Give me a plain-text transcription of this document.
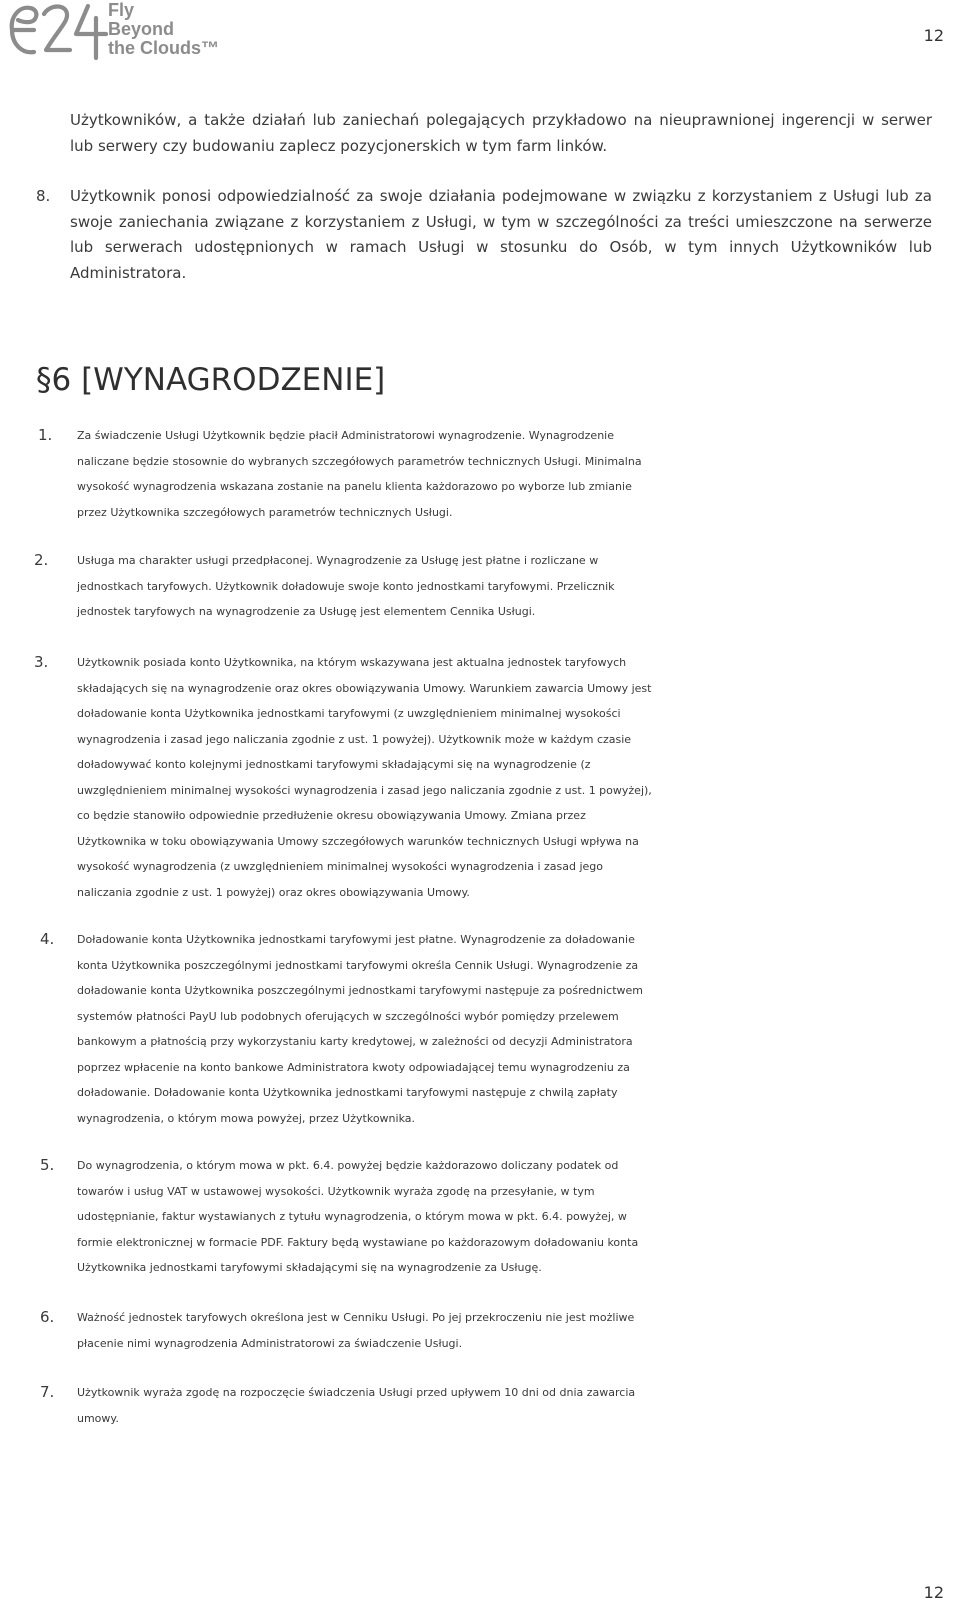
Fly
Beyond
the Clouds™
12

Użytkowników, a także działań lub zaniechań polegających przykładowo na nieuprawnionej ingerencji w serwer lub serwery czy budowaniu zaplecz pozycjonerskich w tym farm linków.

8. Użytkownik ponosi odpowiedzialność za swoje działania podejmowane w związku z korzystaniem z Usługi lub za swoje zaniechania związane z korzystaniem z Usługi, w tym w szczególności za treści umieszczone na serwerze lub serwerach udostępnionych w ramach Usługi w stosunku do Osób, w tym innych Użytkowników lub Administratora.

§6 [WYNAGRODZENIE]
1. Za świadczenie Usługi Użytkownik będzie płacił Administratorowi wynagrodzenie. Wynagrodzenie
naliczane będzie stosownie do wybranych szczegółowych parametrów technicznych Usługi. Minimalna
wysokość wynagrodzenia wskazana zostanie na panelu klienta każdorazowo po wyborze lub zmianie
przez Użytkownika szczegółowych parametrów technicznych Usługi.
2.	Usługa ma charakter usługi przedpłaconej. Wynagrodzenie za Usługę jest płatne i rozliczane w
jednostkach taryfowych. Użytkownik doładowuje swoje konto jednostkami taryfowymi. Przelicznik
jednostek taryfowych na wynagrodzenie za Usługę jest elementem Cennika Usługi.
3.	Użytkownik posiada konto Użytkownika, na którym wskazywana jest aktualna jednostek taryfowych
składających się na wynagrodzenie oraz okres obowiązywania Umowy. Warunkiem zawarcia Umowy jest
doładowanie konta Użytkownika jednostkami taryfowymi (z uwzględnieniem minimalnej wysokości
wynagrodzenia i zasad jego naliczania zgodnie z ust. 1 powyżej). Użytkownik może w każdym czasie
doładowywać konto kolejnymi jednostkami taryfowymi składającymi się na wynagrodzenie (z
uwzględnieniem minimalnej wysokości wynagrodzenia i zasad jego naliczania zgodnie z ust. 1 powyżej),
co będzie stanowiło odpowiednie przedłużenie okresu obowiązywania Umowy. Zmiana przez
Użytkownika w toku obowiązywania Umowy szczegółowych warunków technicznych Usługi wpływa na
wysokość wynagrodzenia (z uwzględnieniem minimalnej wysokości wynagrodzenia i zasad jego
naliczania zgodnie z ust. 1 powyżej) oraz okres obowiązywania Umowy.
4. Doładowanie konta Użytkownika jednostkami taryfowymi jest płatne. Wynagrodzenie za doładowanie
konta Użytkownika poszczególnymi jednostkami taryfowymi określa Cennik Usługi. Wynagrodzenie za
doładowanie konta Użytkownika poszczególnymi jednostkami taryfowymi następuje za pośrednictwem
systemów płatności PayU lub podobnych oferujących w szczególności wybór pomiędzy przelewem
bankowym a płatnością przy wykorzystaniu karty kredytowej, w zależności od decyzji Administratora
poprzez wpłacenie na konto bankowe Administratora kwoty odpowiadającej temu wynagrodzeniu za
doładowanie. Doładowanie konta Użytkownika jednostkami taryfowymi następuje z chwilą zapłaty
wynagrodzenia, o którym mowa powyżej, przez Użytkownika.
5. Do wynagrodzenia, o którym mowa w pkt. 6.4. powyżej będzie każdorazowo doliczany podatek od
towarów i usług VAT w ustawowej wysokości. Użytkownik wyraża zgodę na przesyłanie, w tym
udostępnianie, faktur wystawianych z tytułu wynagrodzenia, o którym mowa w pkt. 6.4. powyżej, w
formie elektronicznej w formacie PDF. Faktury będą wystawiane po każdorazowym doładowaniu konta
Użytkownika jednostkami taryfowymi składającymi się na wynagrodzenie za Usługę.
6. Ważność jednostek taryfowych określona jest w Cenniku Usługi. Po jej przekroczeniu nie jest możliwe
płacenie nimi wynagrodzenia Administratorowi za świadczenie Usługi.
7. Użytkownik wyraża zgodę na rozpoczęcie świadczenia Usługi przed upływem 10 dni od dnia zawarcia
umowy.
12
